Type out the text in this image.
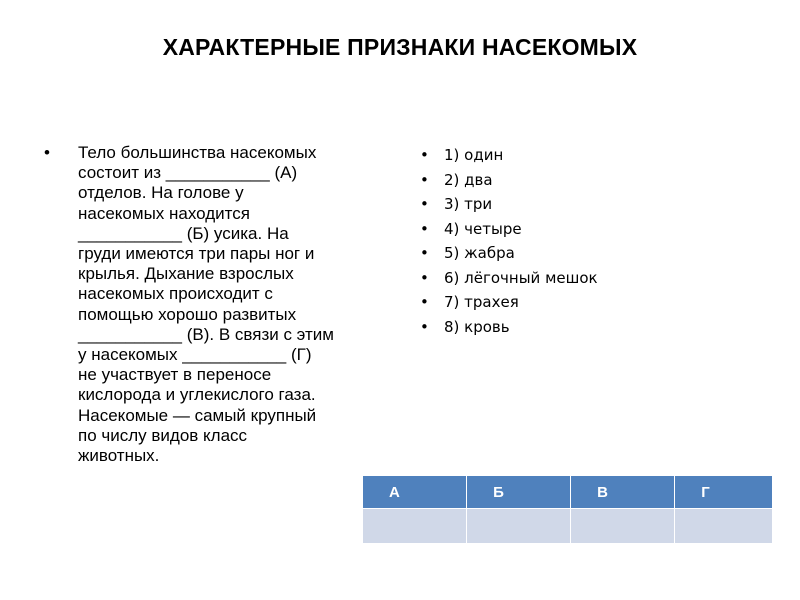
ХАРАКТЕРНЫЕ ПРИЗНАКИ НАСЕКОМЫХ
• Тело большинства насекомых
состоит из ___________ (А)
отделов. На голове у
насекомых находится
___________ (Б) усика. На
груди имеются три пары ног и
крылья. Дыхание взрослых
насекомых происходит с
помощью хорошо развитых
___________ (В). В связи с этим
у насекомых ___________ (Г)
не участвует в переносе
кислорода и углекислого газа.
Насекомые — самый крупный
по числу видов класс
животных.
• 1) один
• 2) два
• 3) три
• 4) четыре
• 5) жабра
• 6) лёгочный мешок
• 7) трахея
• 8) кровь
А	Б	В	Г
